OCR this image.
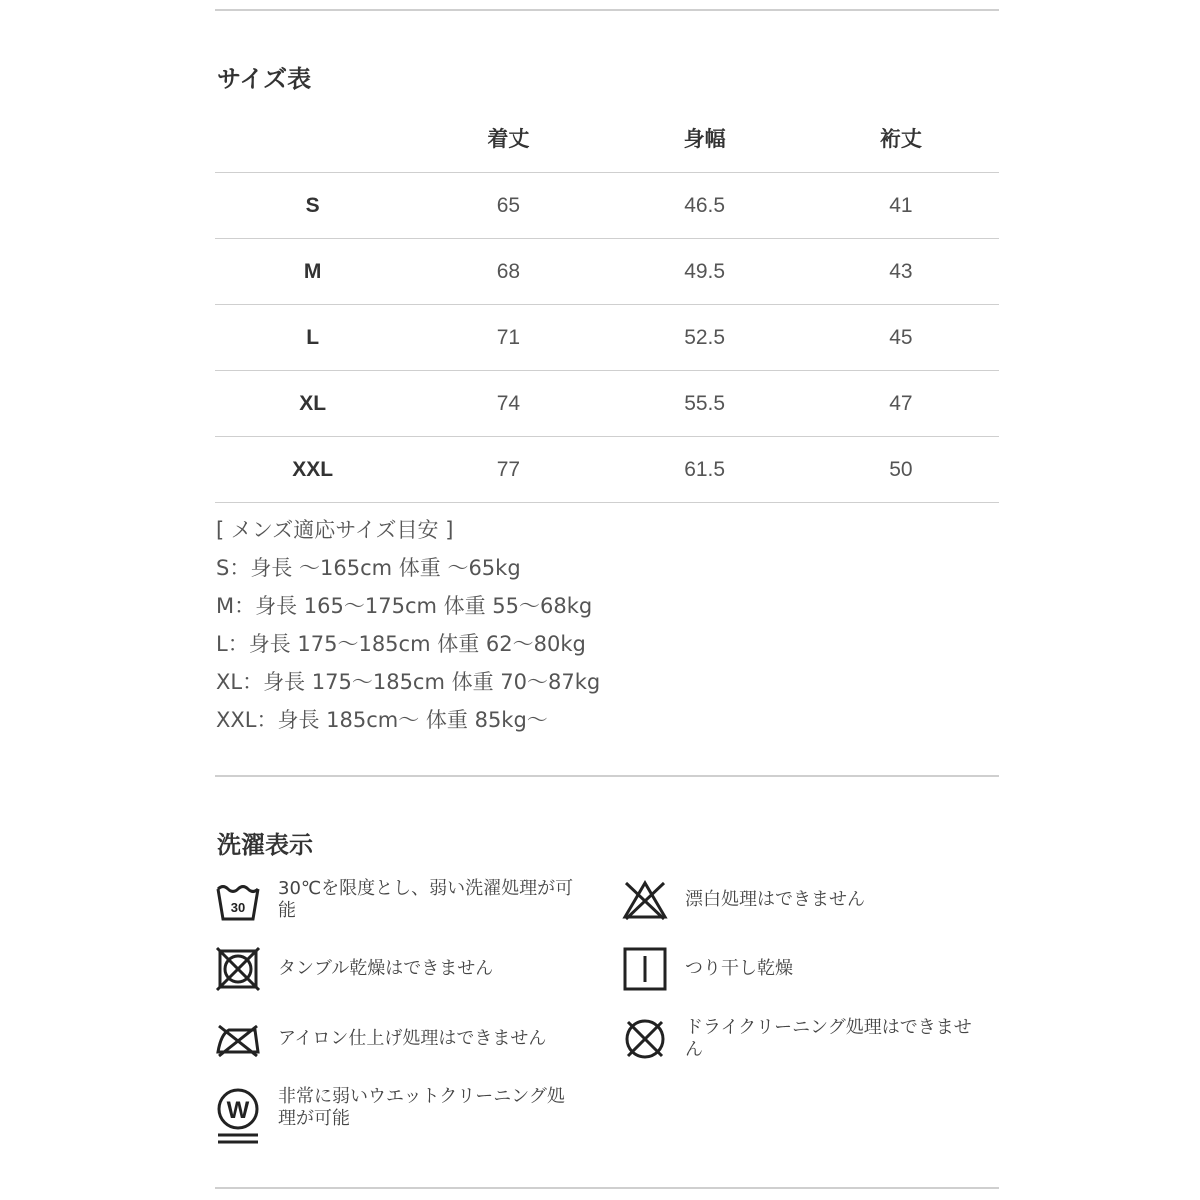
サイズ表
	着丈	身幅	裄丈
S	65	46.5	41
M	68	49.5	43
L	71	52.5	45
XL	74	55.5	47
XXL	77	61.5	50
[ メンズ適応サイズ目安 ]
S：身長 ～165cm 体重 ～65kg
M：身長 165～175cm 体重 55～68kg
L：身長 175～185cm 体重 62～80kg
XL：身長 175～185cm 体重 70～87kg
XXL：身長 185cm～ 体重 85kg～
洗濯表示
30
30℃を限度とし、弱い洗濯処理が可能
漂白処理はできません
タンブル乾燥はできません	つり干し乾燥
アイロン仕上げ処理はできません
ドライクリーニング処理はできません
W
非常に弱いウエットクリーニング処理が可能
